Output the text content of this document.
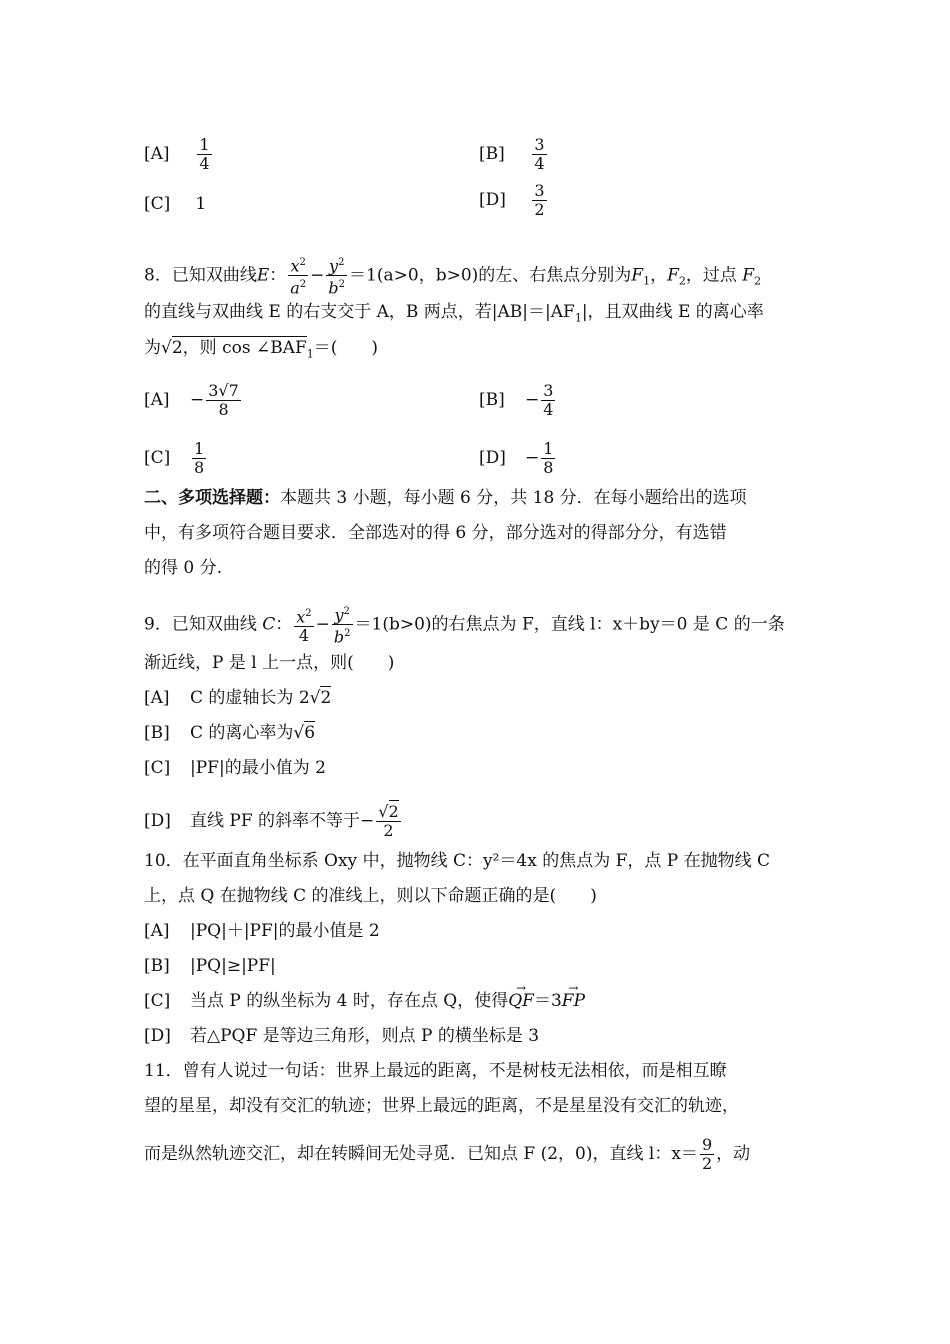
$[A] \frac{1}{4}$	$[B] \frac{3}{4}$
[C] 1	$[D] \frac{3}{2}$
8．已知双曲线E： $\frac{x^2}{a^2} - \frac{y^2}{b^2} =1(a>0$，b>0)的左、右焦点分别为$F_1$，$F_2$，过点 $F_2$
的直线与双曲线 E 的右支交于 A，B 两点，若$|AB|=|AF_1|$，且双曲线 E 的离心率
为√2，则 $\cos \angle BAF_1=$(　　)
$[A] - \frac{3√7}{8}$	$[B] - \frac{3}{4}$
$[C] \frac{1}{8}$	$[D] - \frac{1}{8}$
二、多项选择题：本题共 3 小题，每小题 6 分，共 18 分．在每小题给出的选项
中，有多项符合题目要求．全部选对的得 6 分，部分选对的得部分分，有选错
的得 0 分.
9．已知双曲线 C： $\frac{x^2}{4} - \frac{y^2}{b^2} =1(b>0)$的右焦点为 F，直线 l：x＋by＝0 是 C 的一条
渐近线，P 是 l 上一点，则(　　)
[A] C 的虚轴长为 2√2
[B] C 的离心率为√6
[C] |PF|的最小值为 2
[D] 直线 PF 的斜率不等于− $\frac{√2}{2}$
10．在平面直角坐标系 Oxy 中，抛物线 C：y²＝4x 的焦点为 F，点 P 在抛物线 C
上，点 Q 在抛物线 C 的准线上，则以下命题正确的是(　　)
[A] |PQ|＋|PF|的最小值是 2
[B] |PQ|≥|PF|
[C] 当点 P 的纵坐标为 4 时，存在点 Q，使得→ QF＝3→ FP
[D] 若△PQF 是等边三角形，则点 P 的横坐标是 3
11．曾有人说过一句话：世界上最远的距离，不是树枝无法相依，而是相互瞭
望的星星，却没有交汇的轨迹；世界上最远的距离，不是星星没有交汇的轨迹，
而是纵然轨迹交汇，却在转瞬间无处寻觅．已知点 F (2，0)，直线 l：$x= \frac{9}{2}$ ，动
